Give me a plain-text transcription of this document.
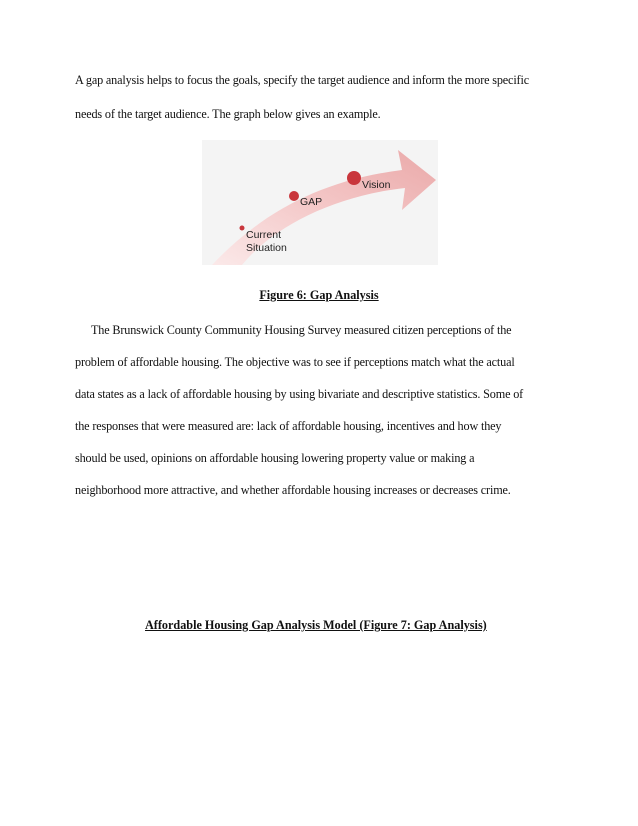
A gap analysis helps to focus the goals, specify the target audience and inform the more specific
needs of the target audience. The graph below gives an example.
Vision
GAP
Current
Situation
Figure 6: Gap Analysis
The Brunswick County Community Housing Survey measured citizen perceptions of the
problem of affordable housing. The objective was to see if perceptions match what the actual
data states as a lack of affordable housing by using bivariate and descriptive statistics. Some of
the responses that were measured are: lack of affordable housing, incentives and how they
should be used, opinions on affordable housing lowering property value or making a
neighborhood more attractive, and whether affordable housing increases or decreases crime.
Affordable Housing Gap Analysis Model (Figure 7: Gap Analysis)
